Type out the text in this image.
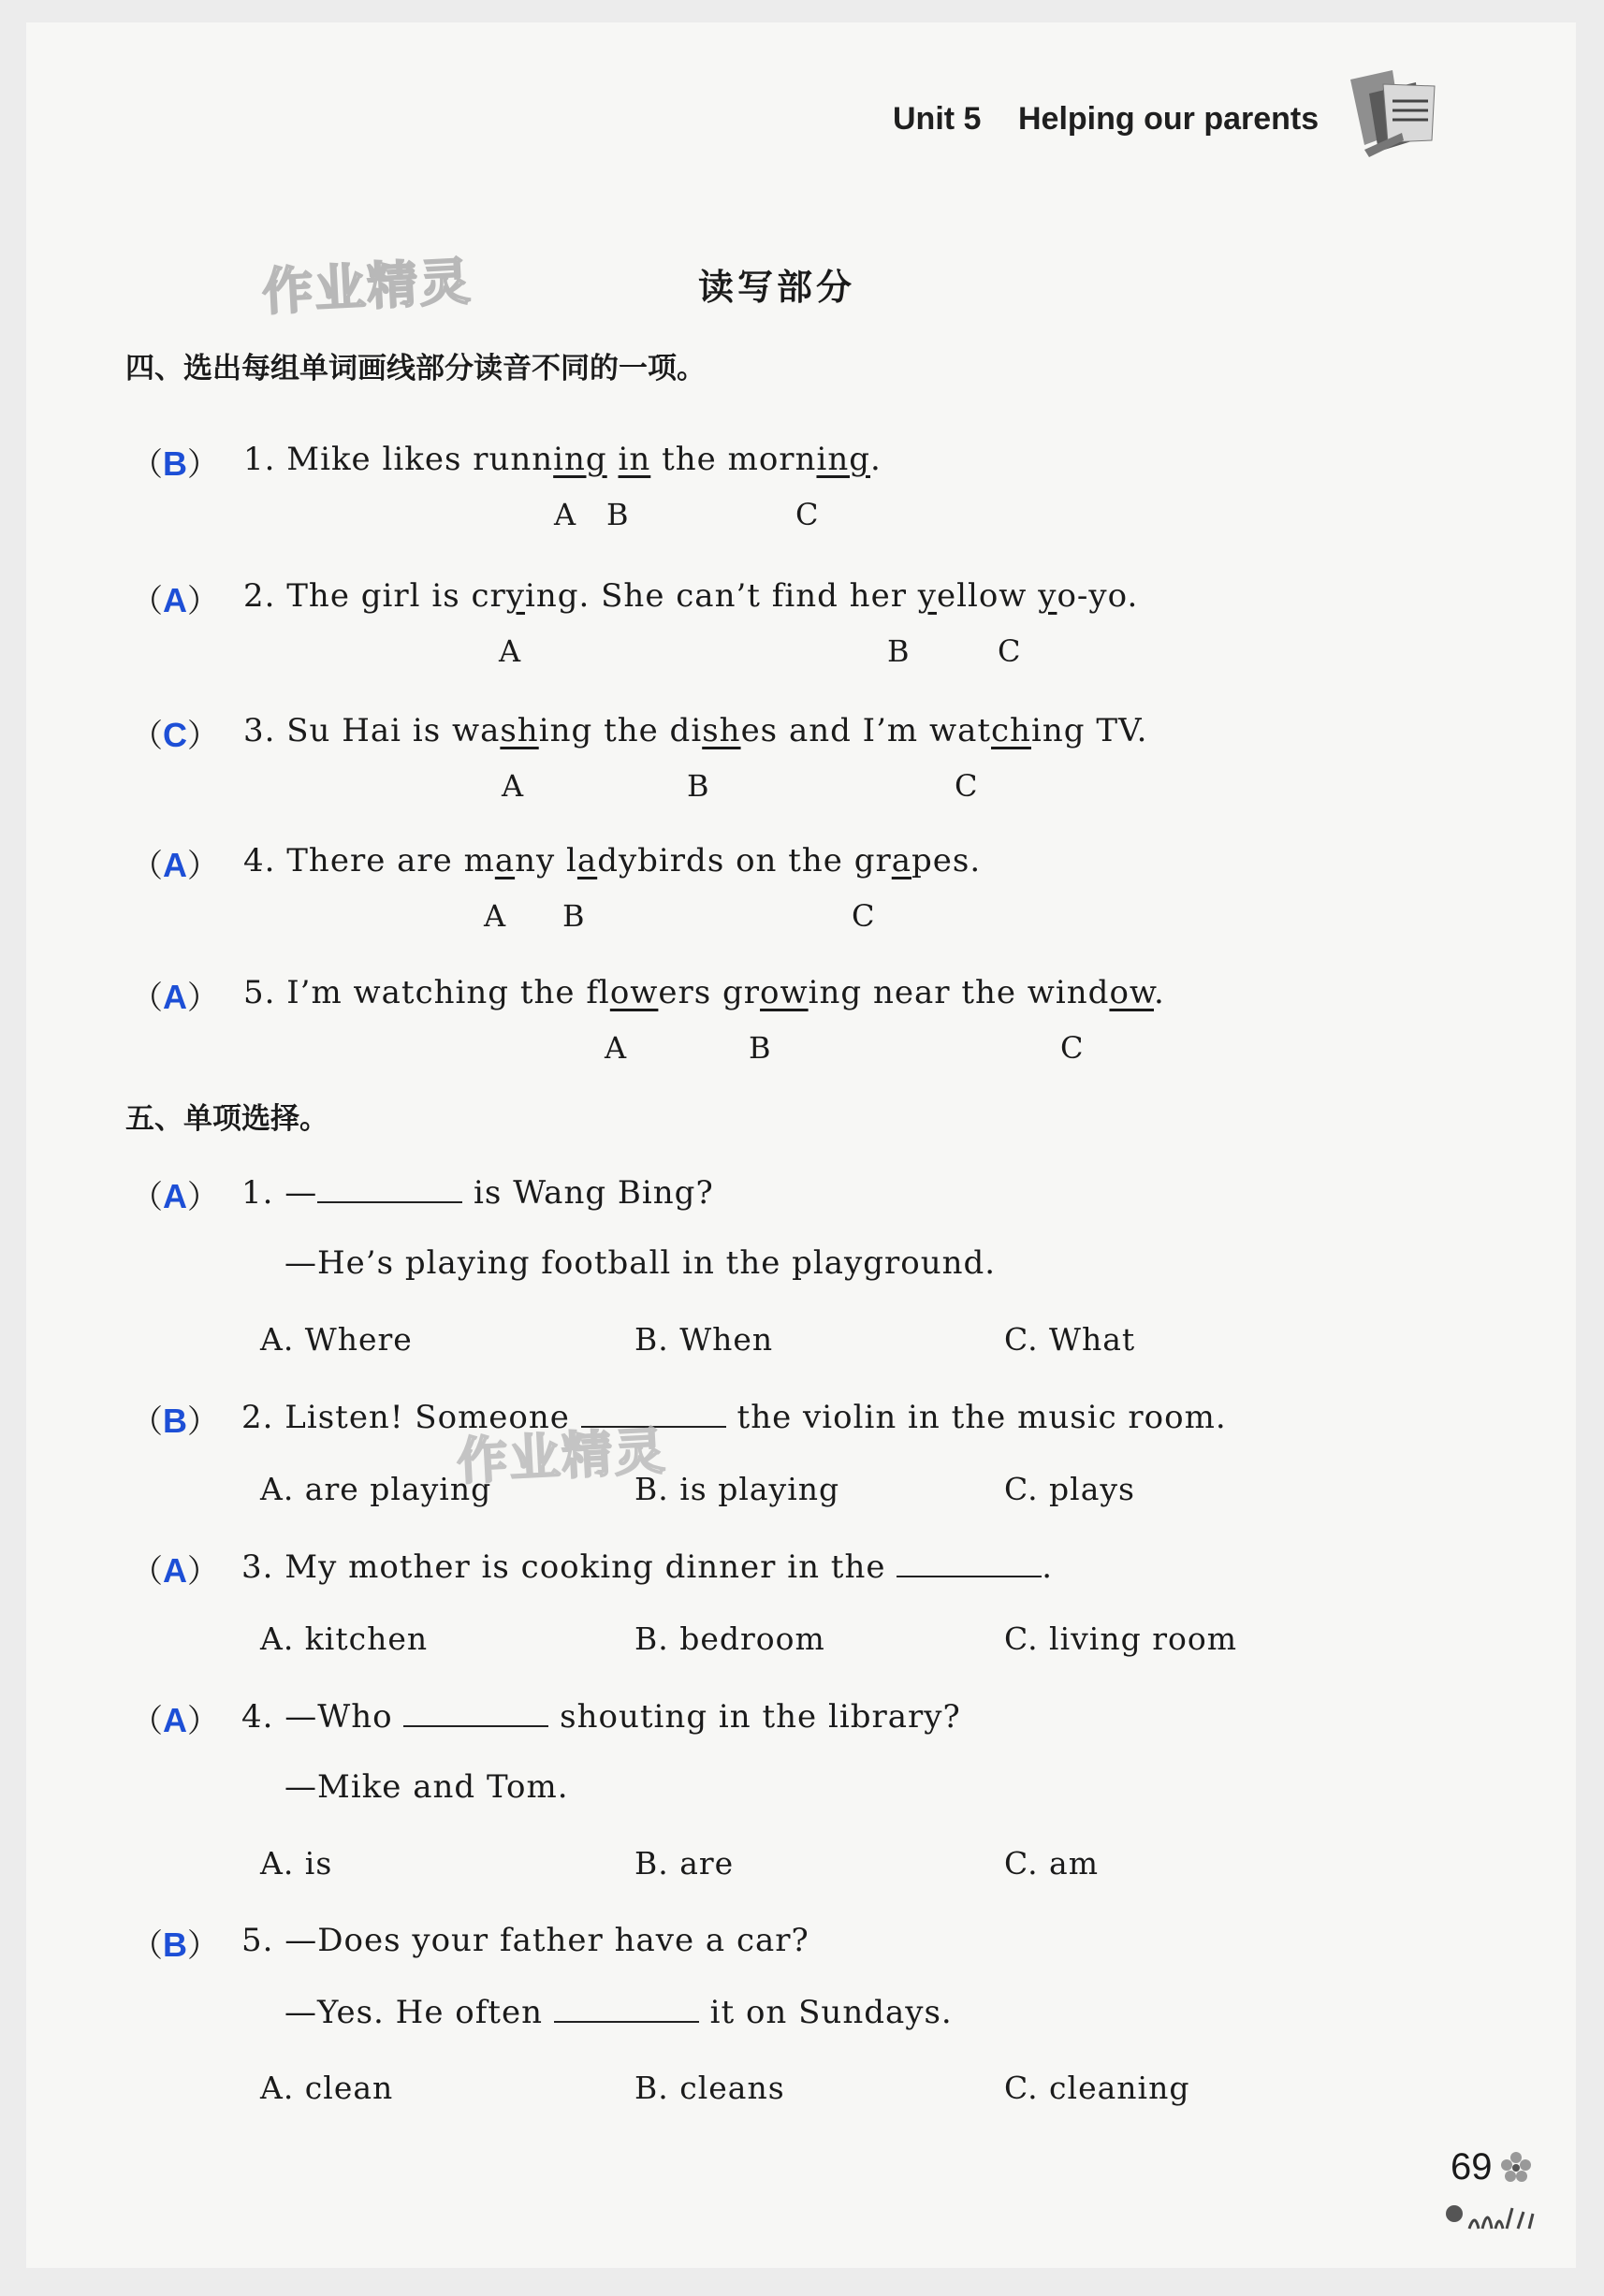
Unit 5 Helping our parents
作业精灵	读写部分
四、选出每组单词画线部分读音不同的一项。
（B） 1. Mike likes running in the morning.
A B	C
（A） 2. The girl is crying. She can’t find her yellow yo-yo.
A	B	C
（C） 3. Su Hai is washing the dishes and I’m watching TV.
A	B	C
（A） 4. There are many ladybirds on the grapes.
A B	C
（A） 5. I’m watching the flowers growing near the window.
A	B	C
五、单项选择。
（A） 1. —	is Wang Bing?
—He’s playing football in the playground.
A. Where	B. When	C. What
（B） 2. Listen! Someone	the violin in the music room.
A. are playing	B. is playing	C. plays
（A） 3. My mother is cooking dinner in the	.
A. kitchen	B. bedroom	C. living room
（A） 4. —Who	shouting in the library?
—Mike and Tom.
A. is	B. are	C. am
（B） 5. —Does your father have a car?
—Yes. He often	it on Sundays.
A. clean	B. cleans	C. cleaning
作业精灵
69
